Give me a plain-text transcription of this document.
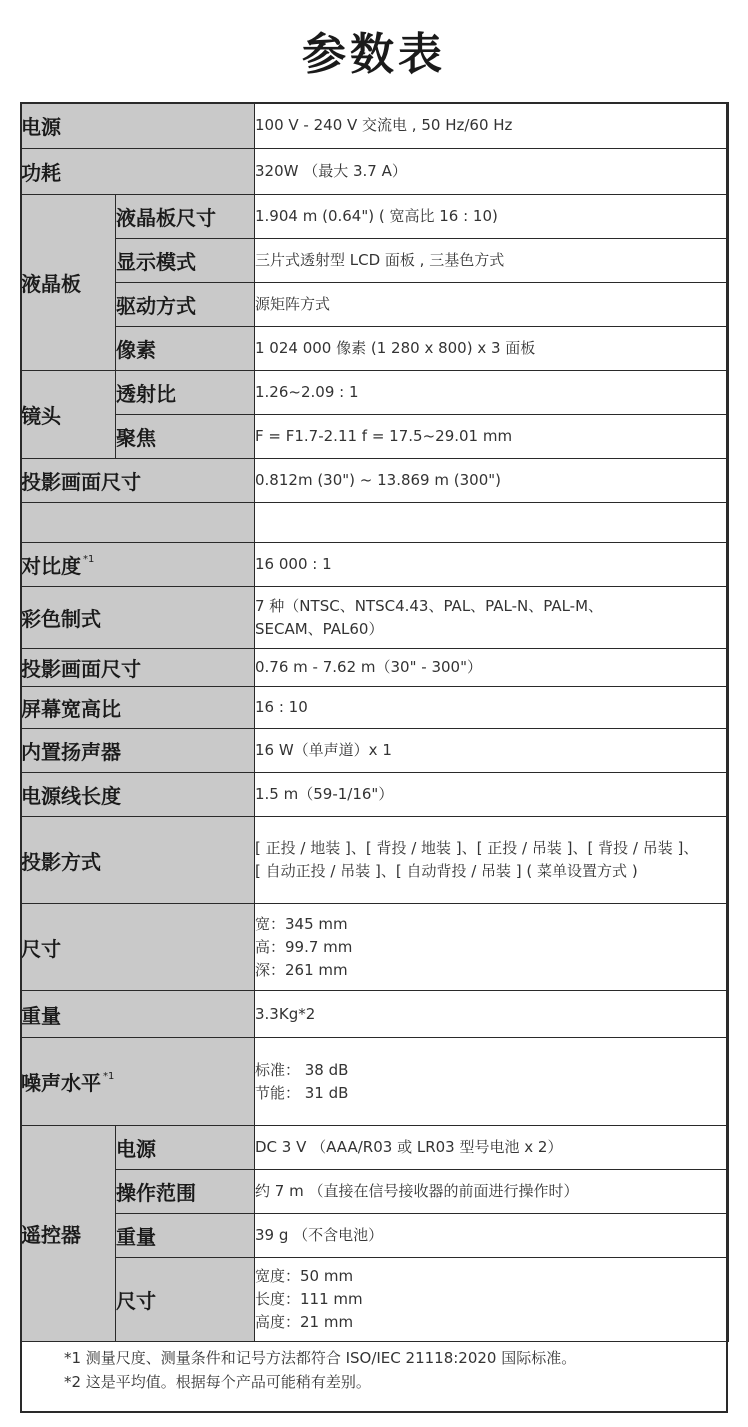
参数表
电源		100 V - 240 V 交流电 , 50 Hz/60 Hz
功耗		320W （最大 3.7 A）
液晶板	液晶板尺寸	1.904 m (0.64") ( 宽高比 16 : 10)
	显示模式	三片式透射型 LCD 面板 , 三基色方式
	驱动方式	源矩阵方式
	像素	1 024 000 像素 (1 280 x 800) x 3 面板
镜头	透射比	1.26~2.09 : 1
	聚焦	F = F1.7-2.11 f = 17.5~29.01 mm
投影画面尺寸		0.812m (30") ~ 13.869 m (300")

对比度 $^{*1}$		16 000 : 1
彩色制式		7 种（NTSC、NTSC4.43、PAL、PAL-N、PAL-M、
SECAM、PAL60）

投影画面尺寸		0.76 m - 7.62 m（30" - 300"）
屏幕宽高比		16 : 10
内置扬声器		16 W（单声道）x 1
电源线长度		1.5 m（59-1/16"）
投影方式		[ 正投 / 地装 ]、[ 背投 / 地装 ]、[ 正投 / 吊装 ]、[ 背投 / 吊装 ]、
[ 自动正投 / 吊装 ]、[ 自动背投 / 吊装 ] ( 菜单设置方式 )

尺寸		宽：345 mm
高：99.7 mm
深：261 mm

重量		3.3Kg*2
噪声水平 $^{*1}$		标准： 38 dB
节能： 31 dB

遥控器	电源	DC 3 V （AAA/R03 或 LR03 型号电池 x 2）
	操作范围	约 7 m （直接在信号接收器的前面进行操作时）
	重量	39 g （不含电池）
	尺寸	宽度：50 mm
长度：111 mm
高度：21 mm
*1 测量尺度、测量条件和记号方法都符合 ISO/IEC 21118:2020 国际标准。
*2 这是平均值。根据每个产品可能稍有差别。
